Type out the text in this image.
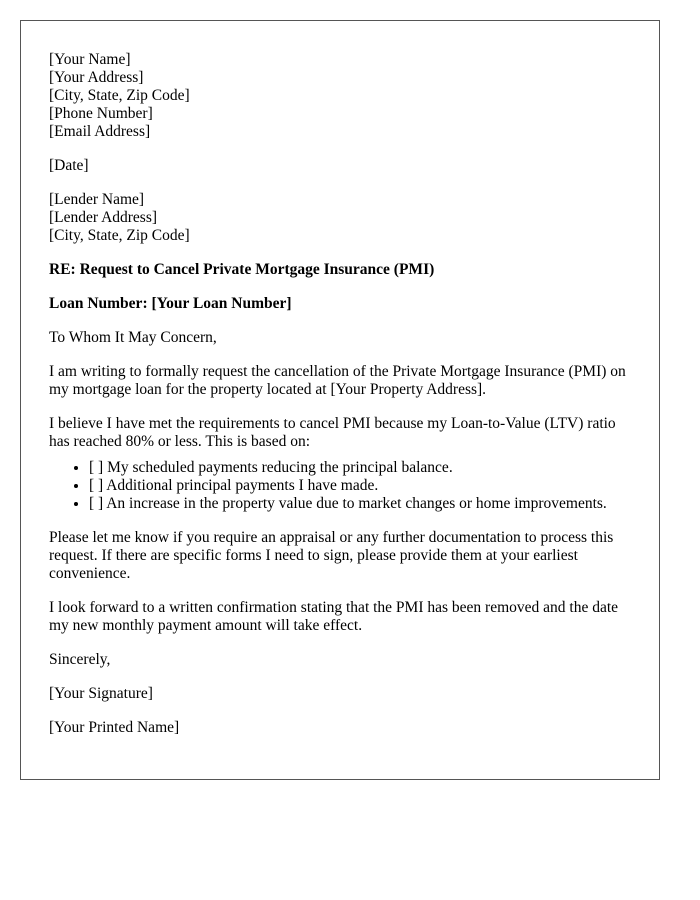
[Your Name]
[Your Address]
[City, State, Zip Code]
[Phone Number]
[Email Address]
[Date]
[Lender Name]
[Lender Address]
[City, State, Zip Code]

RE: Request to Cancel Private Mortgage Insurance (PMI)

Loan Number: [Your Loan Number]

To Whom It May Concern,

I am writing to formally request the cancellation of the Private Mortgage Insurance (PMI) on my mortgage loan for the property located at [Your Property Address].

I believe I have met the requirements to cancel PMI because my Loan-to-Value (LTV) ratio has reached 80% or less. This is based on:

• [ ] My scheduled payments reducing the principal balance.
• [ ] Additional principal payments I have made.
• [ ] An increase in the property value due to market changes or home improvements.

Please let me know if you require an appraisal or any further documentation to process this request. If there are specific forms I need to sign, please provide them at your earliest convenience.

I look forward to a written confirmation stating that the PMI has been removed and the date my new monthly payment amount will take effect.

Sincerely,

[Your Signature]

[Your Printed Name]
